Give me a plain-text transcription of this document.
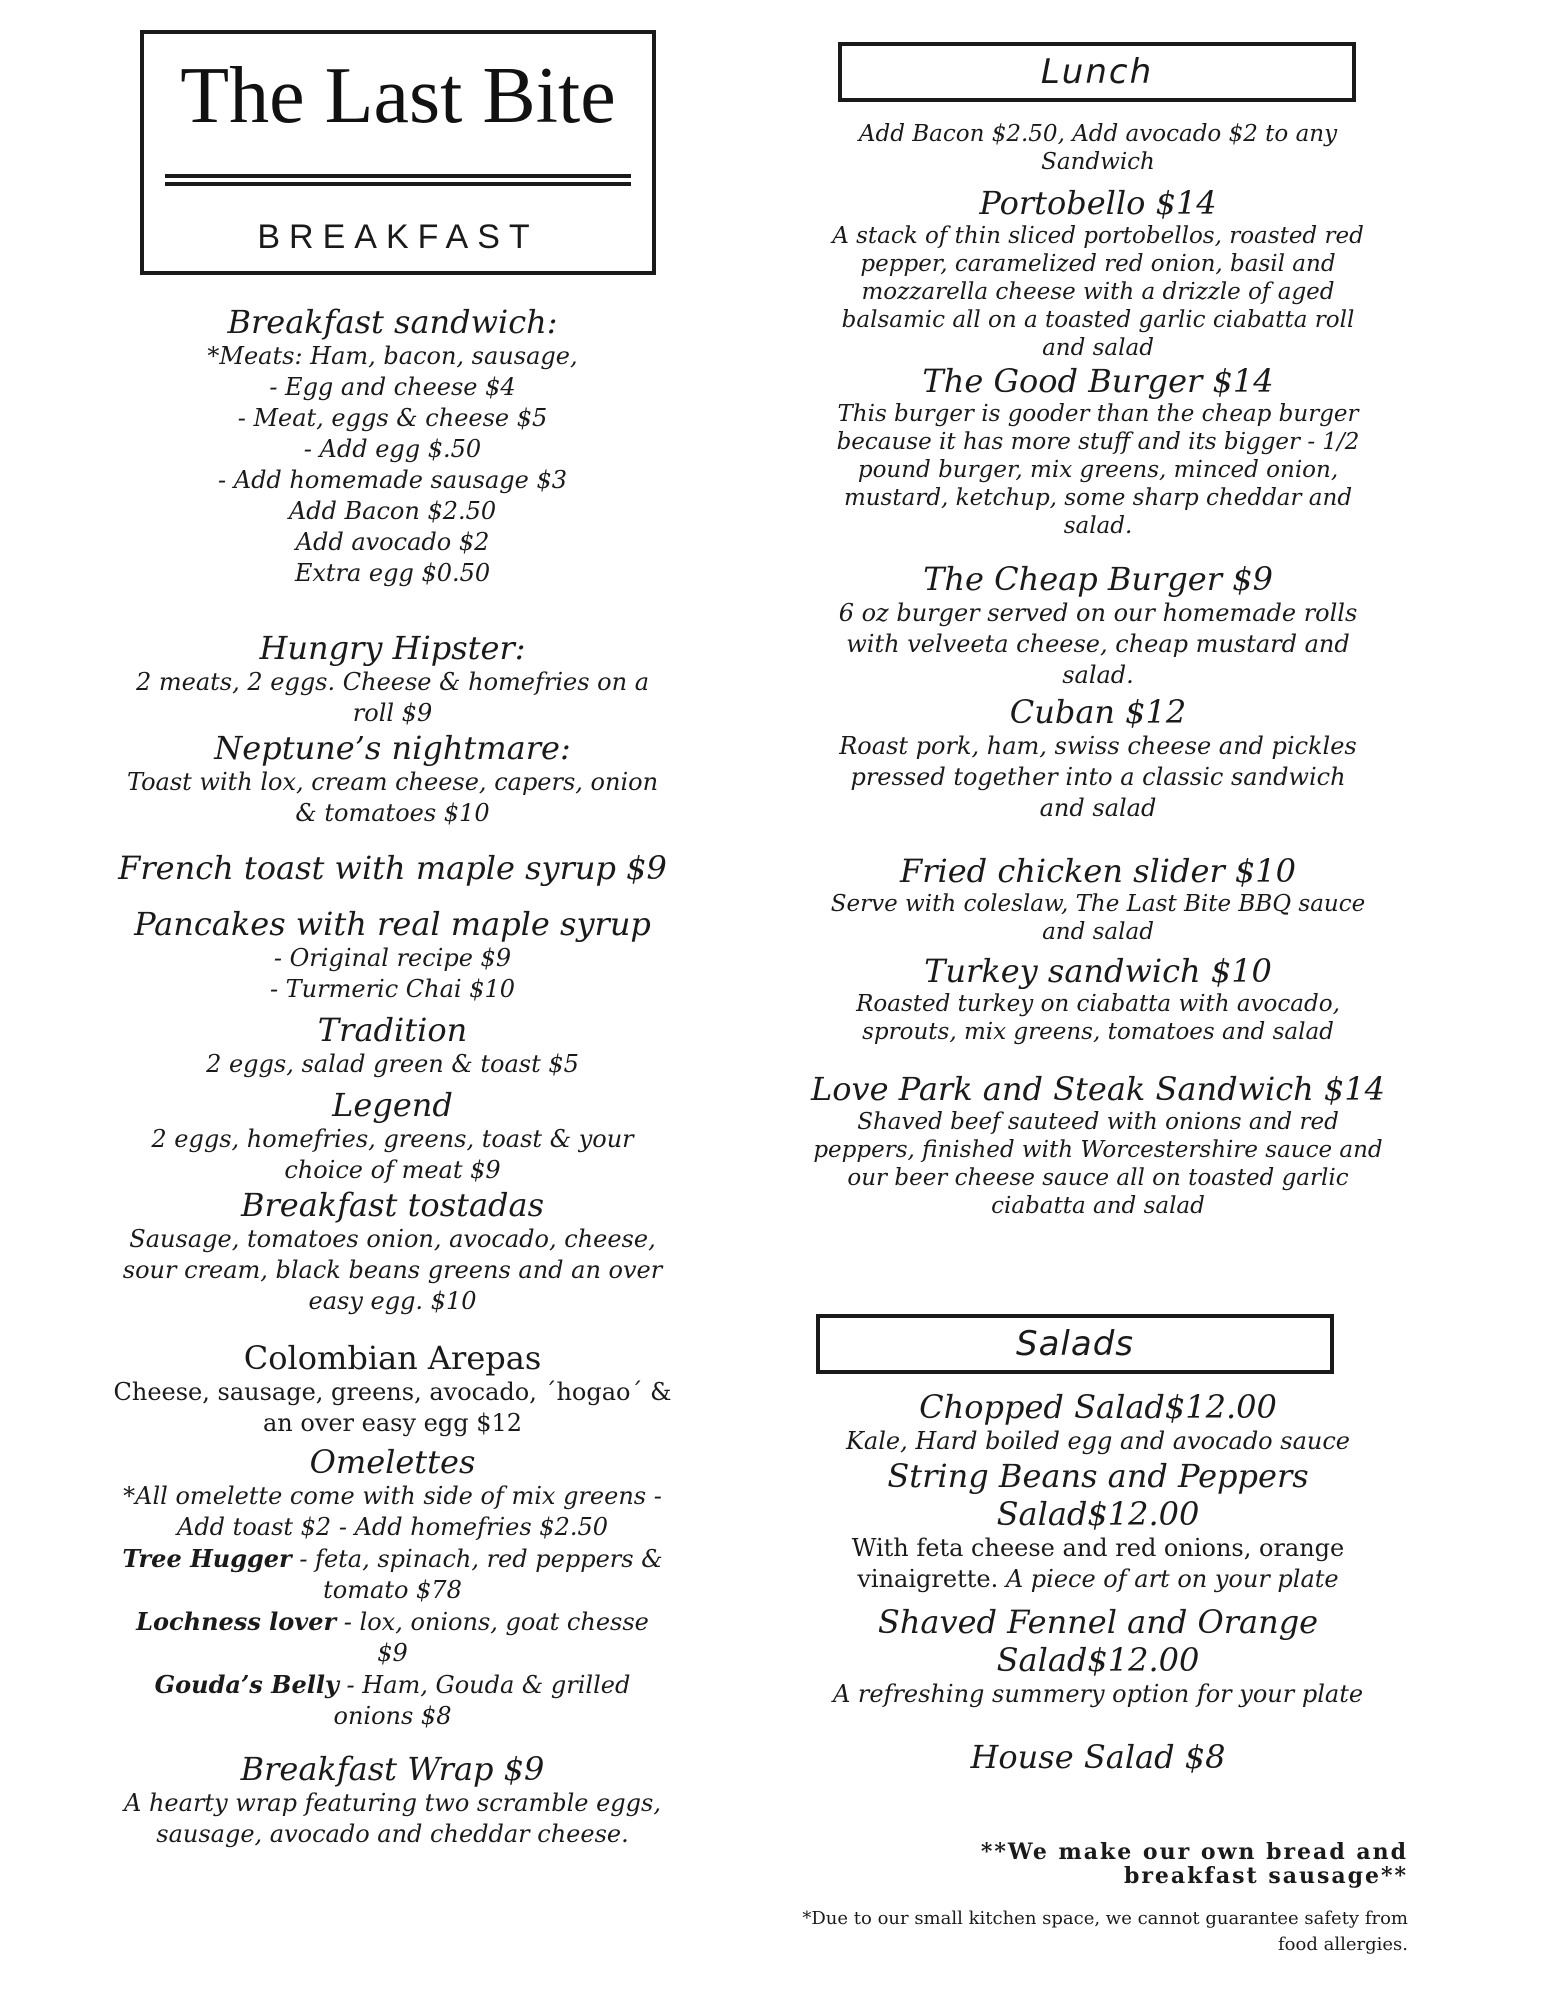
The Last Bite
BREAKFAST
Breakfast sandwich:
*Meats: Ham, bacon, sausage,
- Egg and cheese $4
- Meat, eggs & cheese $5
- Add egg $.50
- Add homemade sausage $3
Add Bacon $2.50
Add avocado $2
Extra egg $0.50
Hungry Hipster:
2 meats, 2 eggs. Cheese & homefries on a
roll $9
Neptune’s nightmare:
Toast with lox, cream cheese, capers, onion
& tomatoes $10
French toast with maple syrup $9
Pancakes with real maple syrup
- Original recipe $9
- Turmeric Chai $10
Tradition
2 eggs, salad green & toast $5
Legend
2 eggs, homefries, greens, toast & your
choice of meat $9
Breakfast tostadas
Sausage, tomatoes onion, avocado, cheese,
sour cream, black beans greens and an over
easy egg. $10
Colombian Arepas
Cheese, sausage, greens, avocado, ´hogao´ &
an over easy egg $12
Omelettes
*All omelette come with side of mix greens -
Add toast $2 - Add homefries $2.50
Tree Hugger - feta, spinach, red peppers &
tomato $78
Lochness lover - lox, onions, goat chesse
$9
Gouda’s Belly - Ham, Gouda & grilled
onions $8
Breakfast Wrap $9
A hearty wrap featuring two scramble eggs,
sausage, avocado and cheddar cheese.
Lunch
Add Bacon $2.50, Add avocado $2 to any
Sandwich
Portobello $14
A stack of thin sliced portobellos, roasted red
pepper, caramelized red onion, basil and
mozzarella cheese with a drizzle of aged
balsamic all on a toasted garlic ciabatta roll
and salad
The Good Burger $14
This burger is gooder than the cheap burger
because it has more stuff and its bigger - 1/2
pound burger, mix greens, minced onion,
mustard, ketchup, some sharp cheddar and
salad.
The Cheap Burger $9
6 oz burger served on our homemade rolls
with velveeta cheese, cheap mustard and
salad.
Cuban $12
Roast pork, ham, swiss cheese and pickles
pressed together into a classic sandwich
and salad
Fried chicken slider $10
Serve with coleslaw, The Last Bite BBQ sauce
and salad
Turkey sandwich $10
Roasted turkey on ciabatta with avocado,
sprouts, mix greens, tomatoes and salad
Love Park and Steak Sandwich $14
Shaved beef sauteed with onions and red
peppers, finished with Worcestershire sauce and
our beer cheese sauce all on toasted garlic
ciabatta and salad
Salads
Chopped Salad$12.00
Kale, Hard boiled egg and avocado sauce
String Beans and Peppers
Salad$12.00
With feta cheese and red onions, orange
vinaigrette. A piece of art on your plate
Shaved Fennel and Orange
Salad$12.00
A refreshing summery option for your plate
House Salad $8
**We make our own bread and
breakfast sausage**
*Due to our small kitchen space, we cannot guarantee safety from
food allergies.
